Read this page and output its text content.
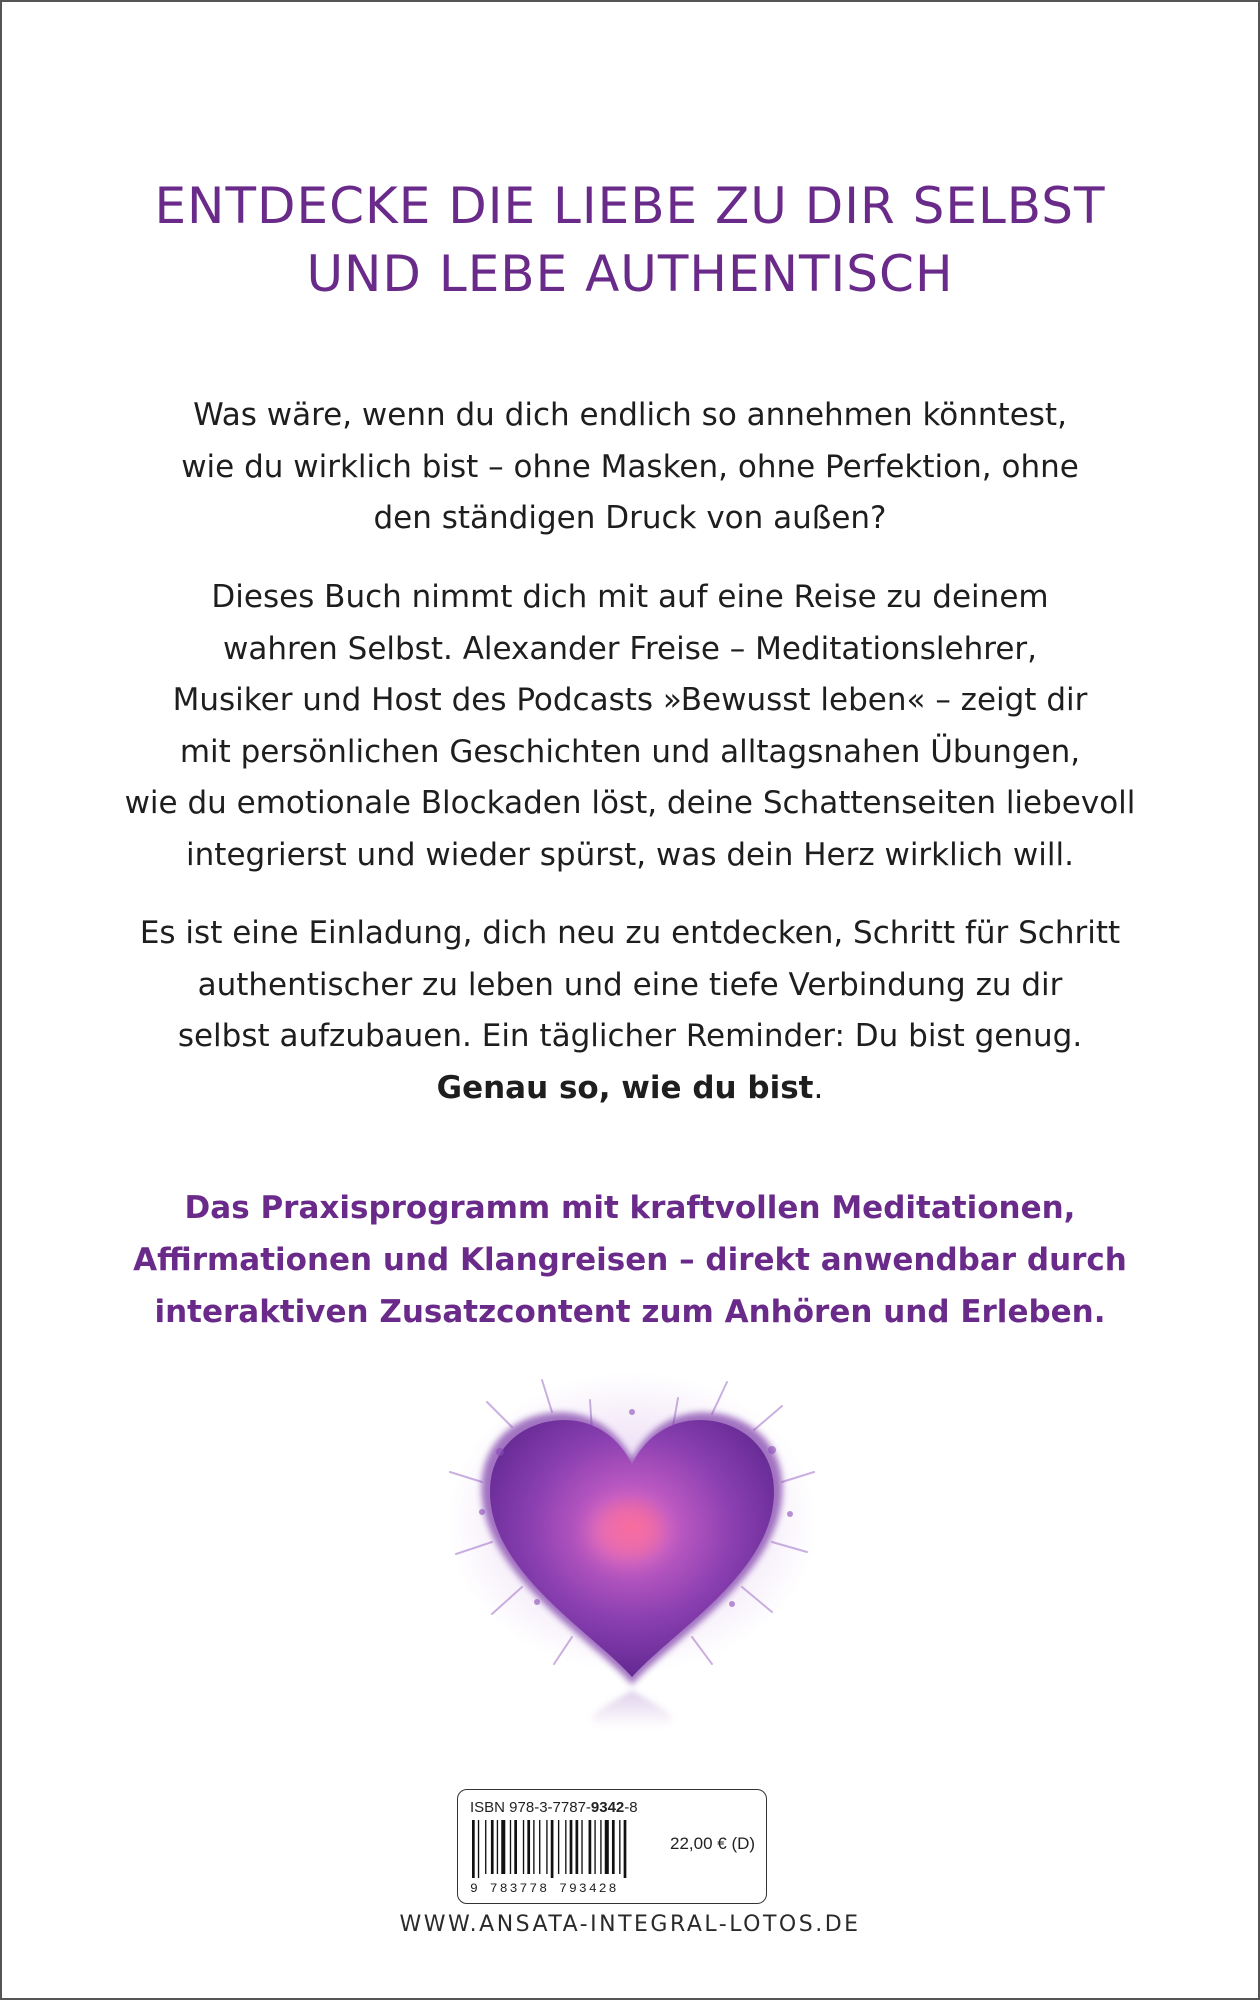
ENTDECKE DIE LIEBE ZU DIR SELBST
UND LEBE AUTHENTISCH

Was wäre, wenn du dich endlich so annehmen könntest,
wie du wirklich bist – ohne Masken, ohne Perfektion, ohne
den ständigen Druck von außen?

Dieses Buch nimmt dich mit auf eine Reise zu deinem
wahren Selbst. Alexander Freise – Meditationslehrer,
Musiker und Host des Podcasts »Bewusst leben« – zeigt dir
mit persönlichen Geschichten und alltagsnahen Übungen,
wie du emotionale Blockaden löst, deine Schattenseiten liebevoll
integrierst und wieder spürst, was dein Herz wirklich will.

Es ist eine Einladung, dich neu zu entdecken, Schritt für Schritt
authentischer zu leben und eine tiefe Verbindung zu dir
selbst aufzubauen. Ein täglicher Reminder: Du bist genug.
Genau so, wie du bist.

Das Praxisprogramm mit kraftvollen Meditationen,
Affirmationen und Klangreisen – direkt anwendbar durch
interaktiven Zusatzcontent zum Anhören und Erleben.

ISBN 978-3-7787-9342-8
22,00 € (D)
9 783778 793428
WWW.ANSATA-INTEGRAL-LOTOS.DE
